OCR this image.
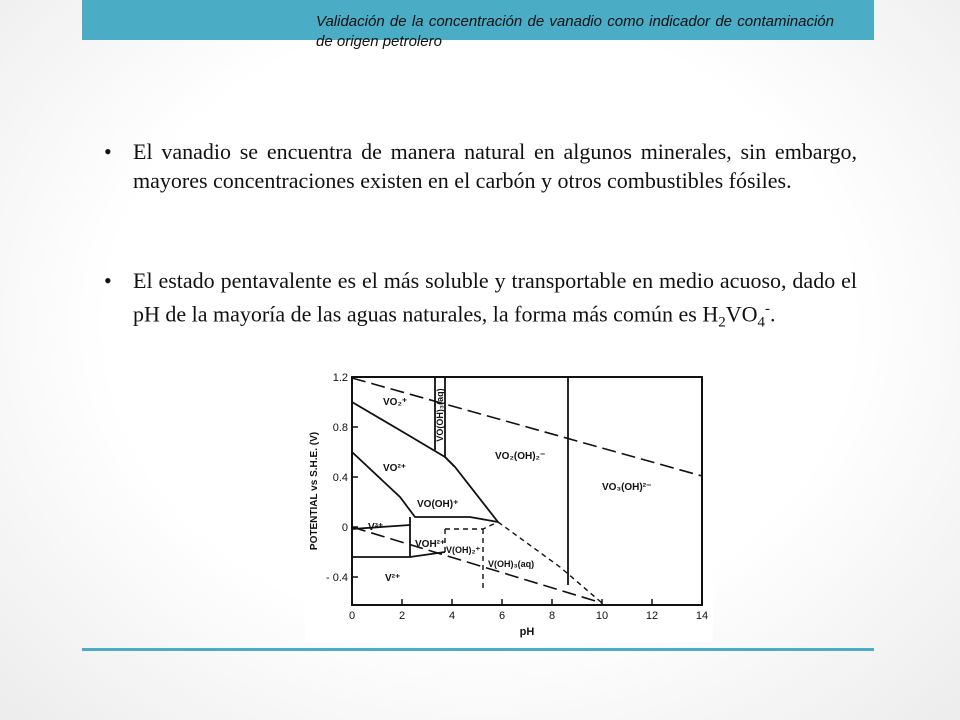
Validación de la concentración de vanadio como indicador de contaminación de origen petrolero
• El vanadio se encuentra de manera natural en algunos minerales, sin embargo, mayores concentraciones existen en el carbón y otros combustibles fósiles.
• El estado pentavalente es el más soluble y transportable en medio acuoso, dado el pH de la mayoría de las aguas naturales, la forma más común es $H_2VO_4^-$.
0	2	4	6	8	10	12	14
pH
1.2
0.8
0.4
0
- 0.4
POTENTIAL vs S.H.E. (V)
VO₂⁺	VO(OH)₃(aq)
VO₂(OH)₂⁻
VO₃(OH)²⁻
VO²⁺
VO(OH)⁺
V³⁺
VOH²⁺ V(OH)₂⁺
V(OH)₃(aq)
V²⁺
